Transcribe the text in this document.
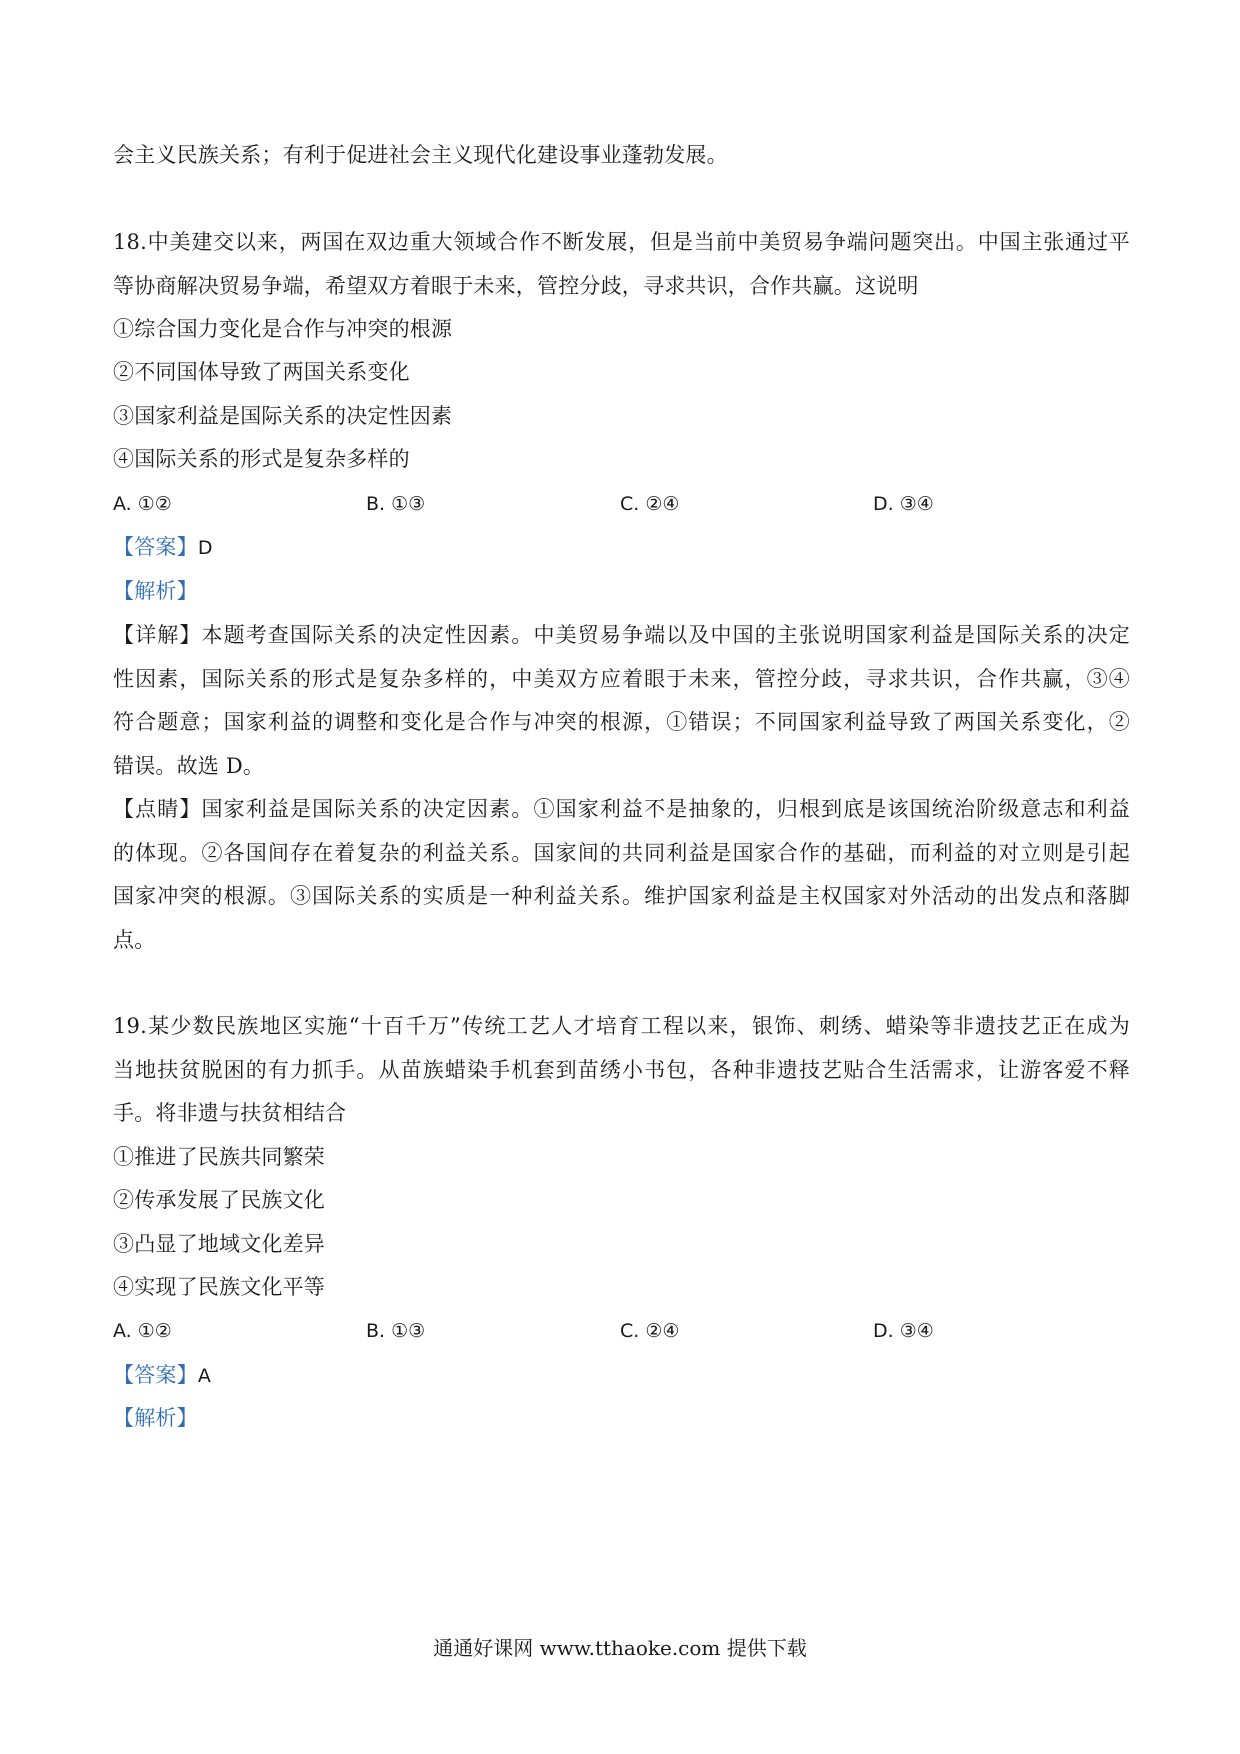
会主义民族关系；有利于促进社会主义现代化建设事业蓬勃发展。
18.中美建交以来，两国在双边重大领域合作不断发展，但是当前中美贸易争端问题突出。中国主张通过平
等协商解决贸易争端，希望双方着眼于未来，管控分歧，寻求共识，合作共赢。这说明
①综合国力变化是合作与冲突的根源
②不同国体导致了两国关系变化
③国家利益是国际关系的决定性因素
④国际关系的形式是复杂多样的
A. ①②	B. ①③	C. ②④	D. ③④
【答案】D
【解析】
【详解】本题考查国际关系的决定性因素。中美贸易争端以及中国的主张说明国家利益是国际关系的决定
性因素，国际关系的形式是复杂多样的，中美双方应着眼于未来，管控分歧，寻求共识，合作共赢，③④
符合题意；国家利益的调整和变化是合作与冲突的根源，①错误；不同国家利益导致了两国关系变化，②
错误。故选 D。
【点睛】国家利益是国际关系的决定因素。①国家利益不是抽象的，归根到底是该国统治阶级意志和利益
的体现。②各国间存在着复杂的利益关系。国家间的共同利益是国家合作的基础，而利益的对立则是引起
国家冲突的根源。③国际关系的实质是一种利益关系。维护国家利益是主权国家对外活动的出发点和落脚
点。
19.某少数民族地区实施“十百千万”传统工艺人才培育工程以来，银饰、刺绣、蜡染等非遗技艺正在成为
当地扶贫脱困的有力抓手。从苗族蜡染手机套到苗绣小书包，各种非遗技艺贴合生活需求，让游客爱不释
手。将非遗与扶贫相结合
①推进了民族共同繁荣
②传承发展了民族文化
③凸显了地域文化差异
④实现了民族文化平等
A. ①②	B. ①③	C. ②④	D. ③④
【答案】A
【解析】
通通好课网 www.tthaoke.com 提供下载
